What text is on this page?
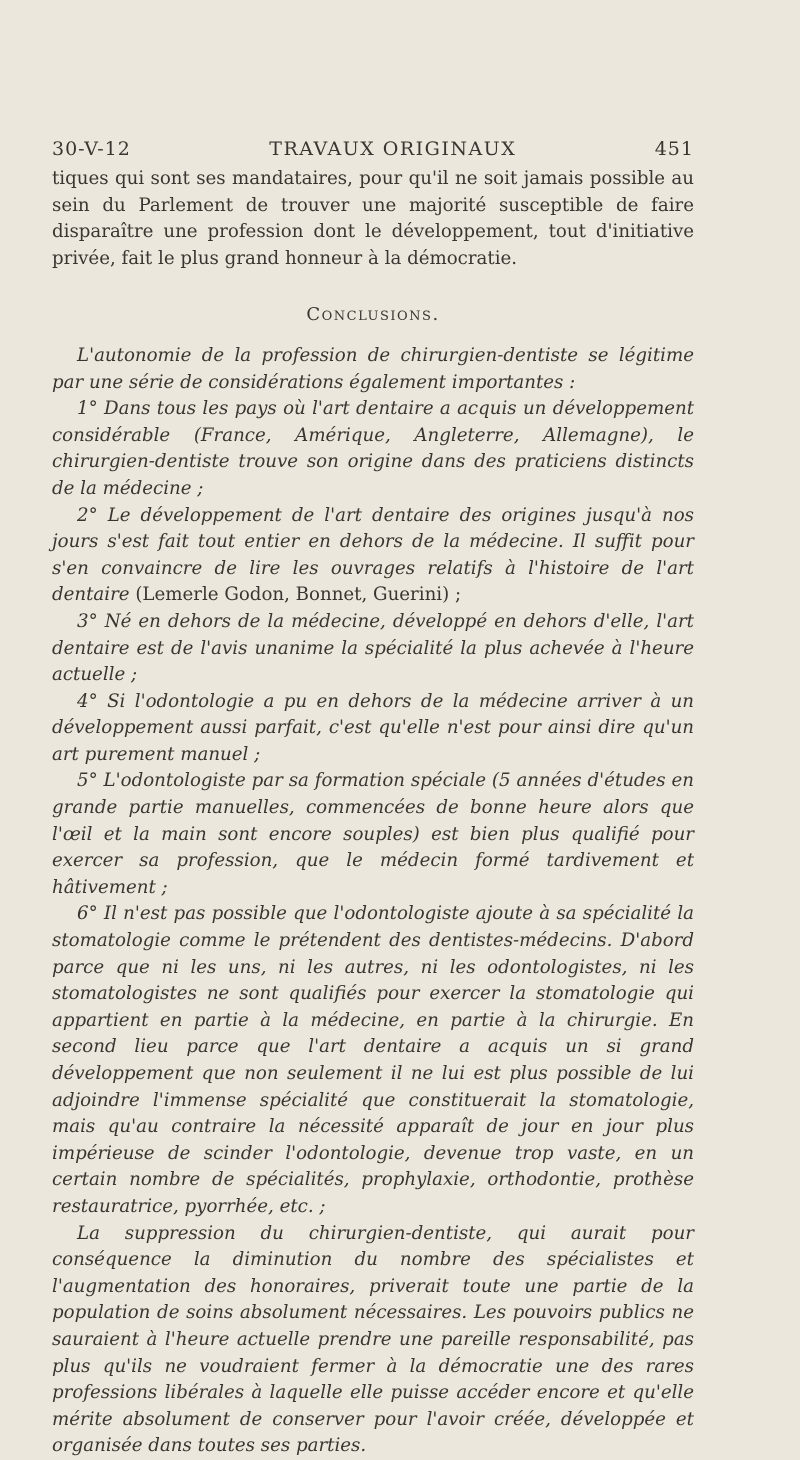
30-V-12	TRAVAUX ORIGINAUX	451

tiques qui sont ses mandataires, pour qu'il ne soit jamais possible au sein du Parlement de trouver une majorité susceptible de faire disparaître une profession dont le développement, tout d'initiative privée, fait le plus grand honneur à la démocratie.

Conclusions.

L'autonomie de la profession de chirurgien-dentiste se légitime par une série de considérations également importantes :

1° Dans tous les pays où l'art dentaire a acquis un développement considérable (France, Amérique, Angleterre, Allemagne), le chirurgien-dentiste trouve son origine dans des praticiens distincts de la médecine ;

2° Le développement de l'art dentaire des origines jusqu'à nos jours s'est fait tout entier en dehors de la médecine. Il suffit pour s'en convaincre de lire les ouvrages relatifs à l'histoire de l'art dentaire (Lemerle Godon, Bonnet, Guerini) ;

3° Né en dehors de la médecine, développé en dehors d'elle, l'art dentaire est de l'avis unanime la spécialité la plus achevée à l'heure actuelle ;

4° Si l'odontologie a pu en dehors de la médecine arriver à un développement aussi parfait, c'est qu'elle n'est pour ainsi dire qu'un art purement manuel ;

5° L'odontologiste par sa formation spéciale (5 années d'études en grande partie manuelles, commencées de bonne heure alors que l'œil et la main sont encore souples) est bien plus qualifié pour exercer sa profession, que le médecin formé tardivement et hâtivement ;

6° Il n'est pas possible que l'odontologiste ajoute à sa spécialité la stomatologie comme le prétendent des dentistes-médecins. D'abord parce que ni les uns, ni les autres, ni les odontologistes, ni les stomatologistes ne sont qualifiés pour exercer la stomatologie qui appartient en partie à la médecine, en partie à la chirurgie. En second lieu parce que l'art dentaire a acquis un si grand développement que non seulement il ne lui est plus possible de lui adjoindre l'immense spécialité que constituerait la stomatologie, mais qu'au contraire la nécessité apparaît de jour en jour plus impérieuse de scinder l'odontologie, devenue trop vaste, en un certain nombre de spécialités, prophylaxie, orthodontie, prothèse restauratrice, pyorrhée, etc. ;

La suppression du chirurgien-dentiste, qui aurait pour conséquence la diminution du nombre des spécialistes et l'augmentation des honoraires, priverait toute une partie de la population de soins absolument nécessaires. Les pouvoirs publics ne sauraient à l'heure actuelle prendre une pareille responsabilité, pas plus qu'ils ne voudraient fermer à la démocratie une des rares professions libérales à laquelle elle puisse accéder encore et qu'elle mérite absolument de conserver pour l'avoir créée, développée et organisée dans toutes ses parties.
